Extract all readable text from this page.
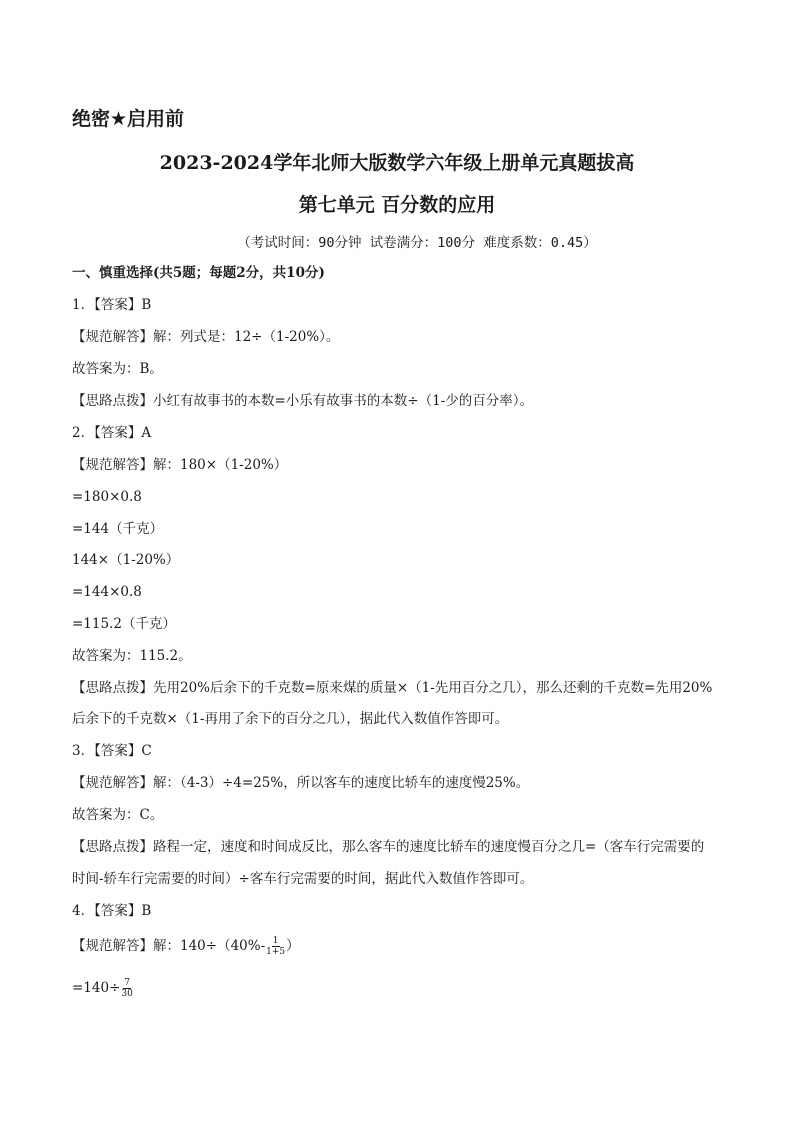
绝密★启用前
2023-2024学年北师大版数学六年级上册单元真题拔高
第七单元 百分数的应用
（考试时间：90分钟 试卷满分：100分 难度系数：0.45）
一、慎重选择(共5题；每题2分，共10分)
1．【答案】B
【规范解答】解：列式是：12÷（1-20%）。
故答案为：B。
【思路点拨】小红有故事书的本数=小乐有故事书的本数÷（1-少的百分率）。
2．【答案】A
【规范解答】解：180×（1-20%）
=180×0.8
=144（千克）
144×（1-20%）
=144×0.8
=115.2（千克）
故答案为：115.2。
【思路点拨】先用20%后余下的千克数=原来煤的质量×（1-先用百分之几），那么还剩的千克数=先用20%
后余下的千克数×（1-再用了余下的百分之几），据此代入数值作答即可。
3．【答案】C
【规范解答】解：（4-3）÷4=25%，所以客车的速度比轿车的速度慢25%。
故答案为：C。
【思路点拨】路程一定，速度和时间成反比，那么客车的速度比轿车的速度慢百分之几=（客车行完需要的
时间-轿车行完需要的时间）÷客车行完需要的时间，据此代入数值作答即可。
4．【答案】B
【规范解答】解：$140\div(40\%- \frac{1}{1+5}$ ）
$=140\div \frac{7}{30}$
